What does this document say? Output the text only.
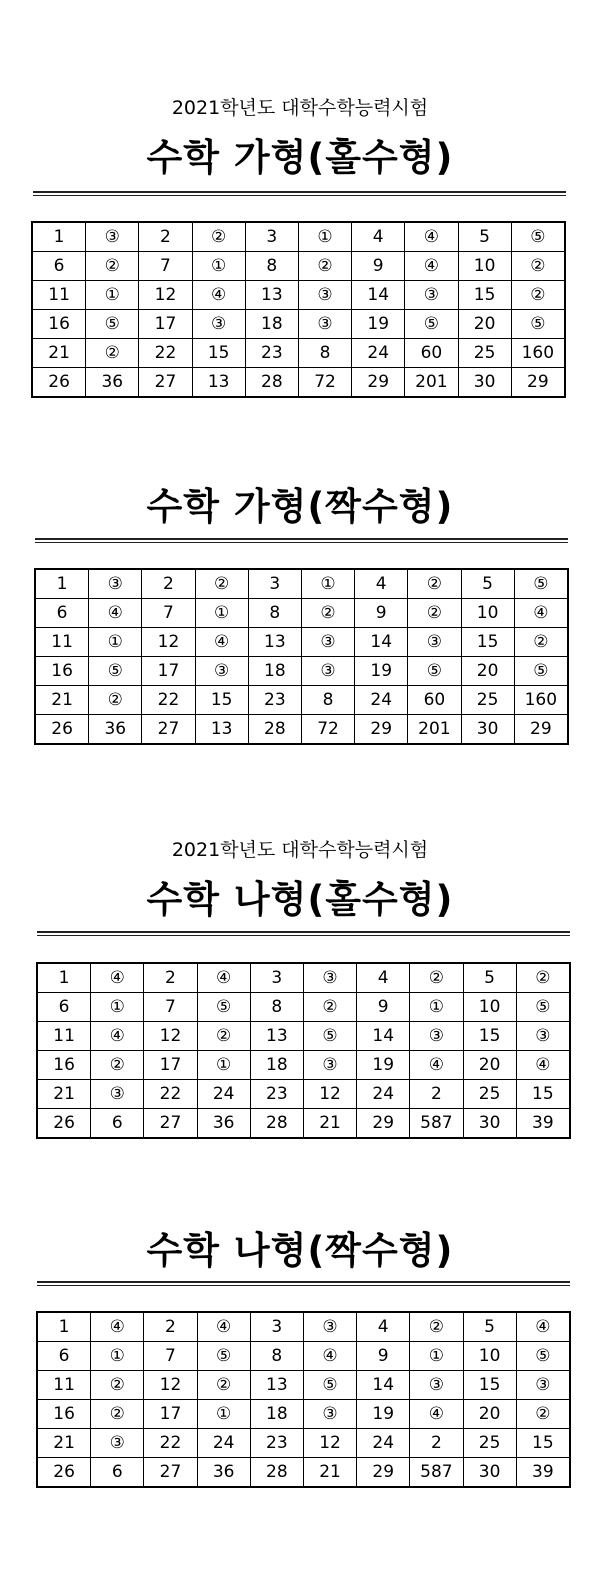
2021학년도 대학수학능력시험
수학 가형(홀수형)
1	③	2	②	3	①	4	④	5	⑤
6	②	7	①	8	②	9	④	10	②
11	①	12	④	13	③	14	③	15	②
16	⑤	17	③	18	③	19	⑤	20	⑤
21	②	22	15	23	8	24	60	25	160
26	36	27	13	28	72	29	201	30	29
수학 가형(짝수형)
1	③	2	②	3	①	4	②	5	⑤
6	④	7	①	8	②	9	②	10	④
11	①	12	④	13	③	14	③	15	②
16	⑤	17	③	18	③	19	⑤	20	⑤
21	②	22	15	23	8	24	60	25	160
26	36	27	13	28	72	29	201	30	29
2021학년도 대학수학능력시험
수학 나형(홀수형)
1	④	2	④	3	③	4	②	5	②
6	①	7	⑤	8	②	9	①	10	⑤
11	④	12	②	13	⑤	14	③	15	③
16	②	17	①	18	③	19	④	20	④
21	③	22	24	23	12	24	2	25	15
26	6	27	36	28	21	29	587	30	39
수학 나형(짝수형)
1	④	2	④	3	③	4	②	5	④
6	①	7	⑤	8	④	9	①	10	⑤
11	②	12	②	13	⑤	14	③	15	③
16	②	17	①	18	③	19	④	20	②
21	③	22	24	23	12	24	2	25	15
26	6	27	36	28	21	29	587	30	39
